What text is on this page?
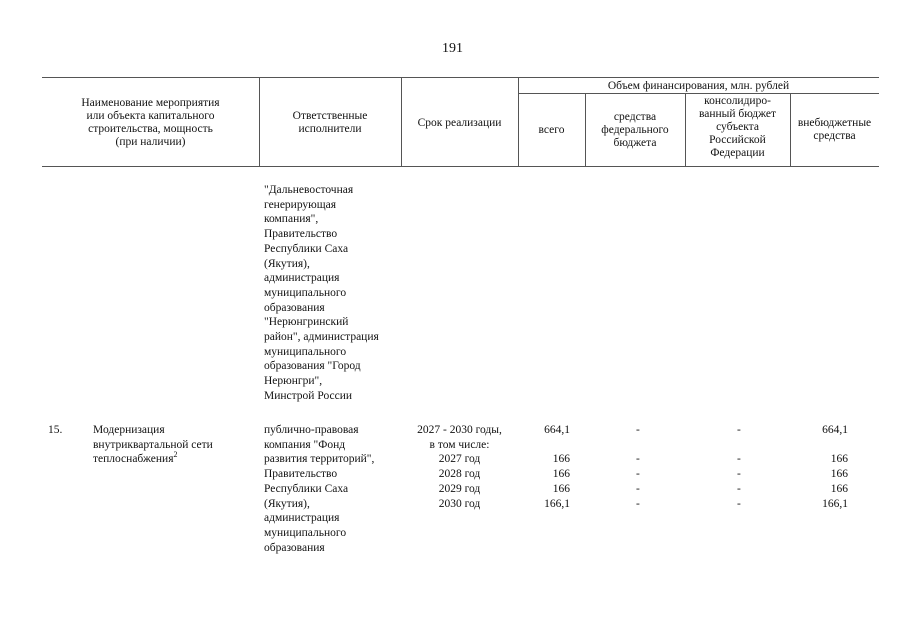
191
Наименование мероприятия
или объекта капитального
строительства, мощность
(при наличии)
Ответственные
исполнители	Срок реализации
Объем финансирования, млн. рублей
всего
средства
федерального
бюджета
консолидиро-
ванный бюджет
субъекта
Российской
Федерации
внебюджетные
средства
"Дальневосточная
генерирующая
компания",
Правительство
Республики Саха
(Якутия),
администрация
муниципального
образования
"Нерюнгринский
район", администрация
муниципального
образования "Город
Нерюнгри",
Минстрой России
15.	Модернизация
внутриквартальной сети
теплоснабжения$^2$
публично-правовая
компания "Фонд
развития территорий",
Правительство
Республики Саха
(Якутия),
администрация
муниципального
образования
2027 - 2030 годы,
в том числе:
2027 год
2028 год
2029 год
2030 год
664,1

166
166
166
166,1
-

-
-
-
-
-

-
-
-
-
664,1

166
166
166
166,1
